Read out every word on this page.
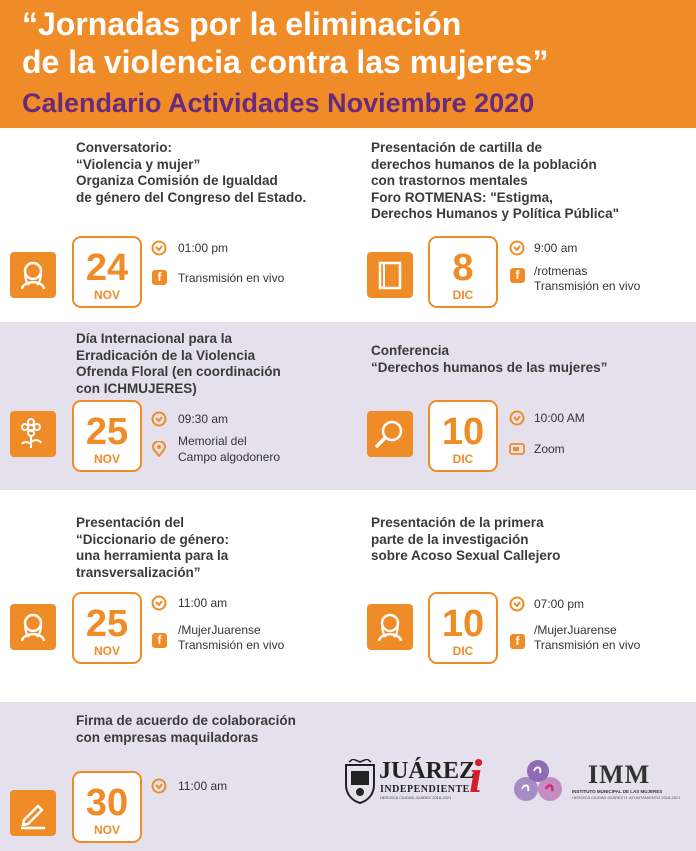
“Jornadas por la eliminación
de la violencia contra las mujeres”
Calendario Actividades Noviembre 2020
Conversatorio:
“Violencia y mujer”
Organiza Comisión de Igualdad
de género del Congreso del Estado.
24
NOV
01:00 pm
f	Transmisión en vivo
Presentación de cartilla de
derechos humanos de la población
con trastornos mentales
Foro ROTMENAS: "Estigma,
Derechos Humanos y Política Pública"
8
DIC
9:00 am
f	/rotmenas
Transmisión en vivo
Día Internacional para la
Erradicación de la Violencia
Ofrenda Floral (en coordinación
con ICHMUJERES)
25
NOV
09:30 am
Memorial del
Campo algodonero
Conferencia
“Derechos humanos de las mujeres”
10
DIC
10:00 AM
Zoom
Presentación del
“Diccionario de género:
una herramienta para la
transversalización”
25
NOV
11:00 am
f
/MujerJuarense
Transmisión en vivo
Presentación de la primera
parte de la investigación
sobre Acoso Sexual Callejero
10
DIC
07:00 pm
f
/MujerJuarense
Transmisión en vivo
Firma de acuerdo de colaboración
con empresas maquiladoras
30
NOV
11:00 am
JUÁREZ
INDEPENDIENTE
HEROICA CIUDAD JUÁREZ 2018-2021 i	IMM
INSTITUTO MUNICIPAL DE LAS MUJERES
HEROICA CIUDAD JUÁREZ H. AYUNTAMIENTO 2018-2021
